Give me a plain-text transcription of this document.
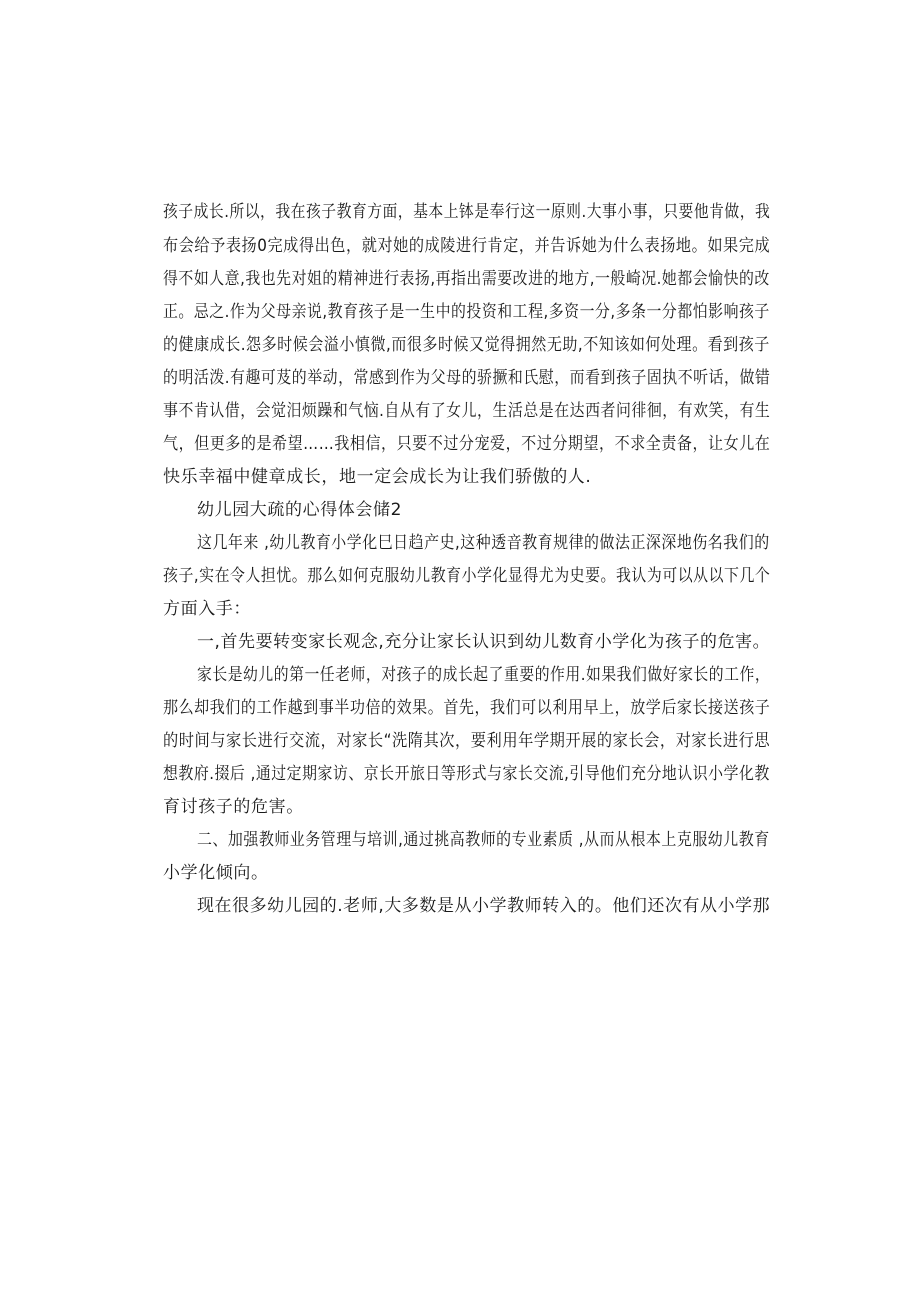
孩子成长.所以，我在孩子教育方面，基本上钵是奉行这一原则.大事小事，只要他肯做，我
布会给予表扬0完成得出色，就对她的成陵进行肯定，并告诉她为什么表扬地。如果完成
得不如人意,我也先对姐的精神进行表扬,再指出需要改进的地方,一般崎况.她都会愉快的改
正。忌之.作为父母亲说,教育孩子是一生中的投资和工程,多资一分,多条一分都怕影响孩子
的健康成长.怨多时候会溢小慎微,而很多时候又觉得拥然无助,不知该如何处理。看到孩子
的明活泼.有趣可芨的举动，常感到作为父母的骄撅和氏慰，而看到孩子固执不听话，做错
事不肯认借，会觉汨烦躁和气恼.自从有了女儿，生活总是在达西者问徘徊，有欢笑，有生
气，但更多的是希望……我相信，只要不过分宠爱，不过分期望，不求全责备，让女儿在
快乐幸福中健章成长，地一定会成长为让我们骄傲的人.
幼儿园大疏的心得体会储2
这几年来 ,幼儿教育小学化巳日趋产史,这种透音教育规律的做法正深深地伤名我们的
孩子,实在令人担忧。那么如何克服幼儿教育小学化显得尤为史要。我认为可以从以下几个
方面入手：
一,首先要转变家长观念,充分让家长认识到幼儿数育小学化为孩子的危害。
家长是幼儿的第一任老师，对孩子的成长起了重要的作用.如果我们做好家长的工作，
那么却我们的工作越到事半功倍的效果。首先，我们可以利用早上，放学后家长接送孩子
的时间与家长进行交流，对家长“洗隋其次，要利用年学期开展的家长会，对家长进行思
想教府.掇后 ,通过定期家访、京长开旅日等形式与家长交流,引导他们充分地认识小学化教
育讨孩子的危害。
二、加强教师业务管理与培训,通过挑高教师的专业素质 ,从而从根本上克服幼儿教育
小学化倾向。
现在很多幼儿园的.老师,大多数是从小学教师转入的。他们还次有从小学那
